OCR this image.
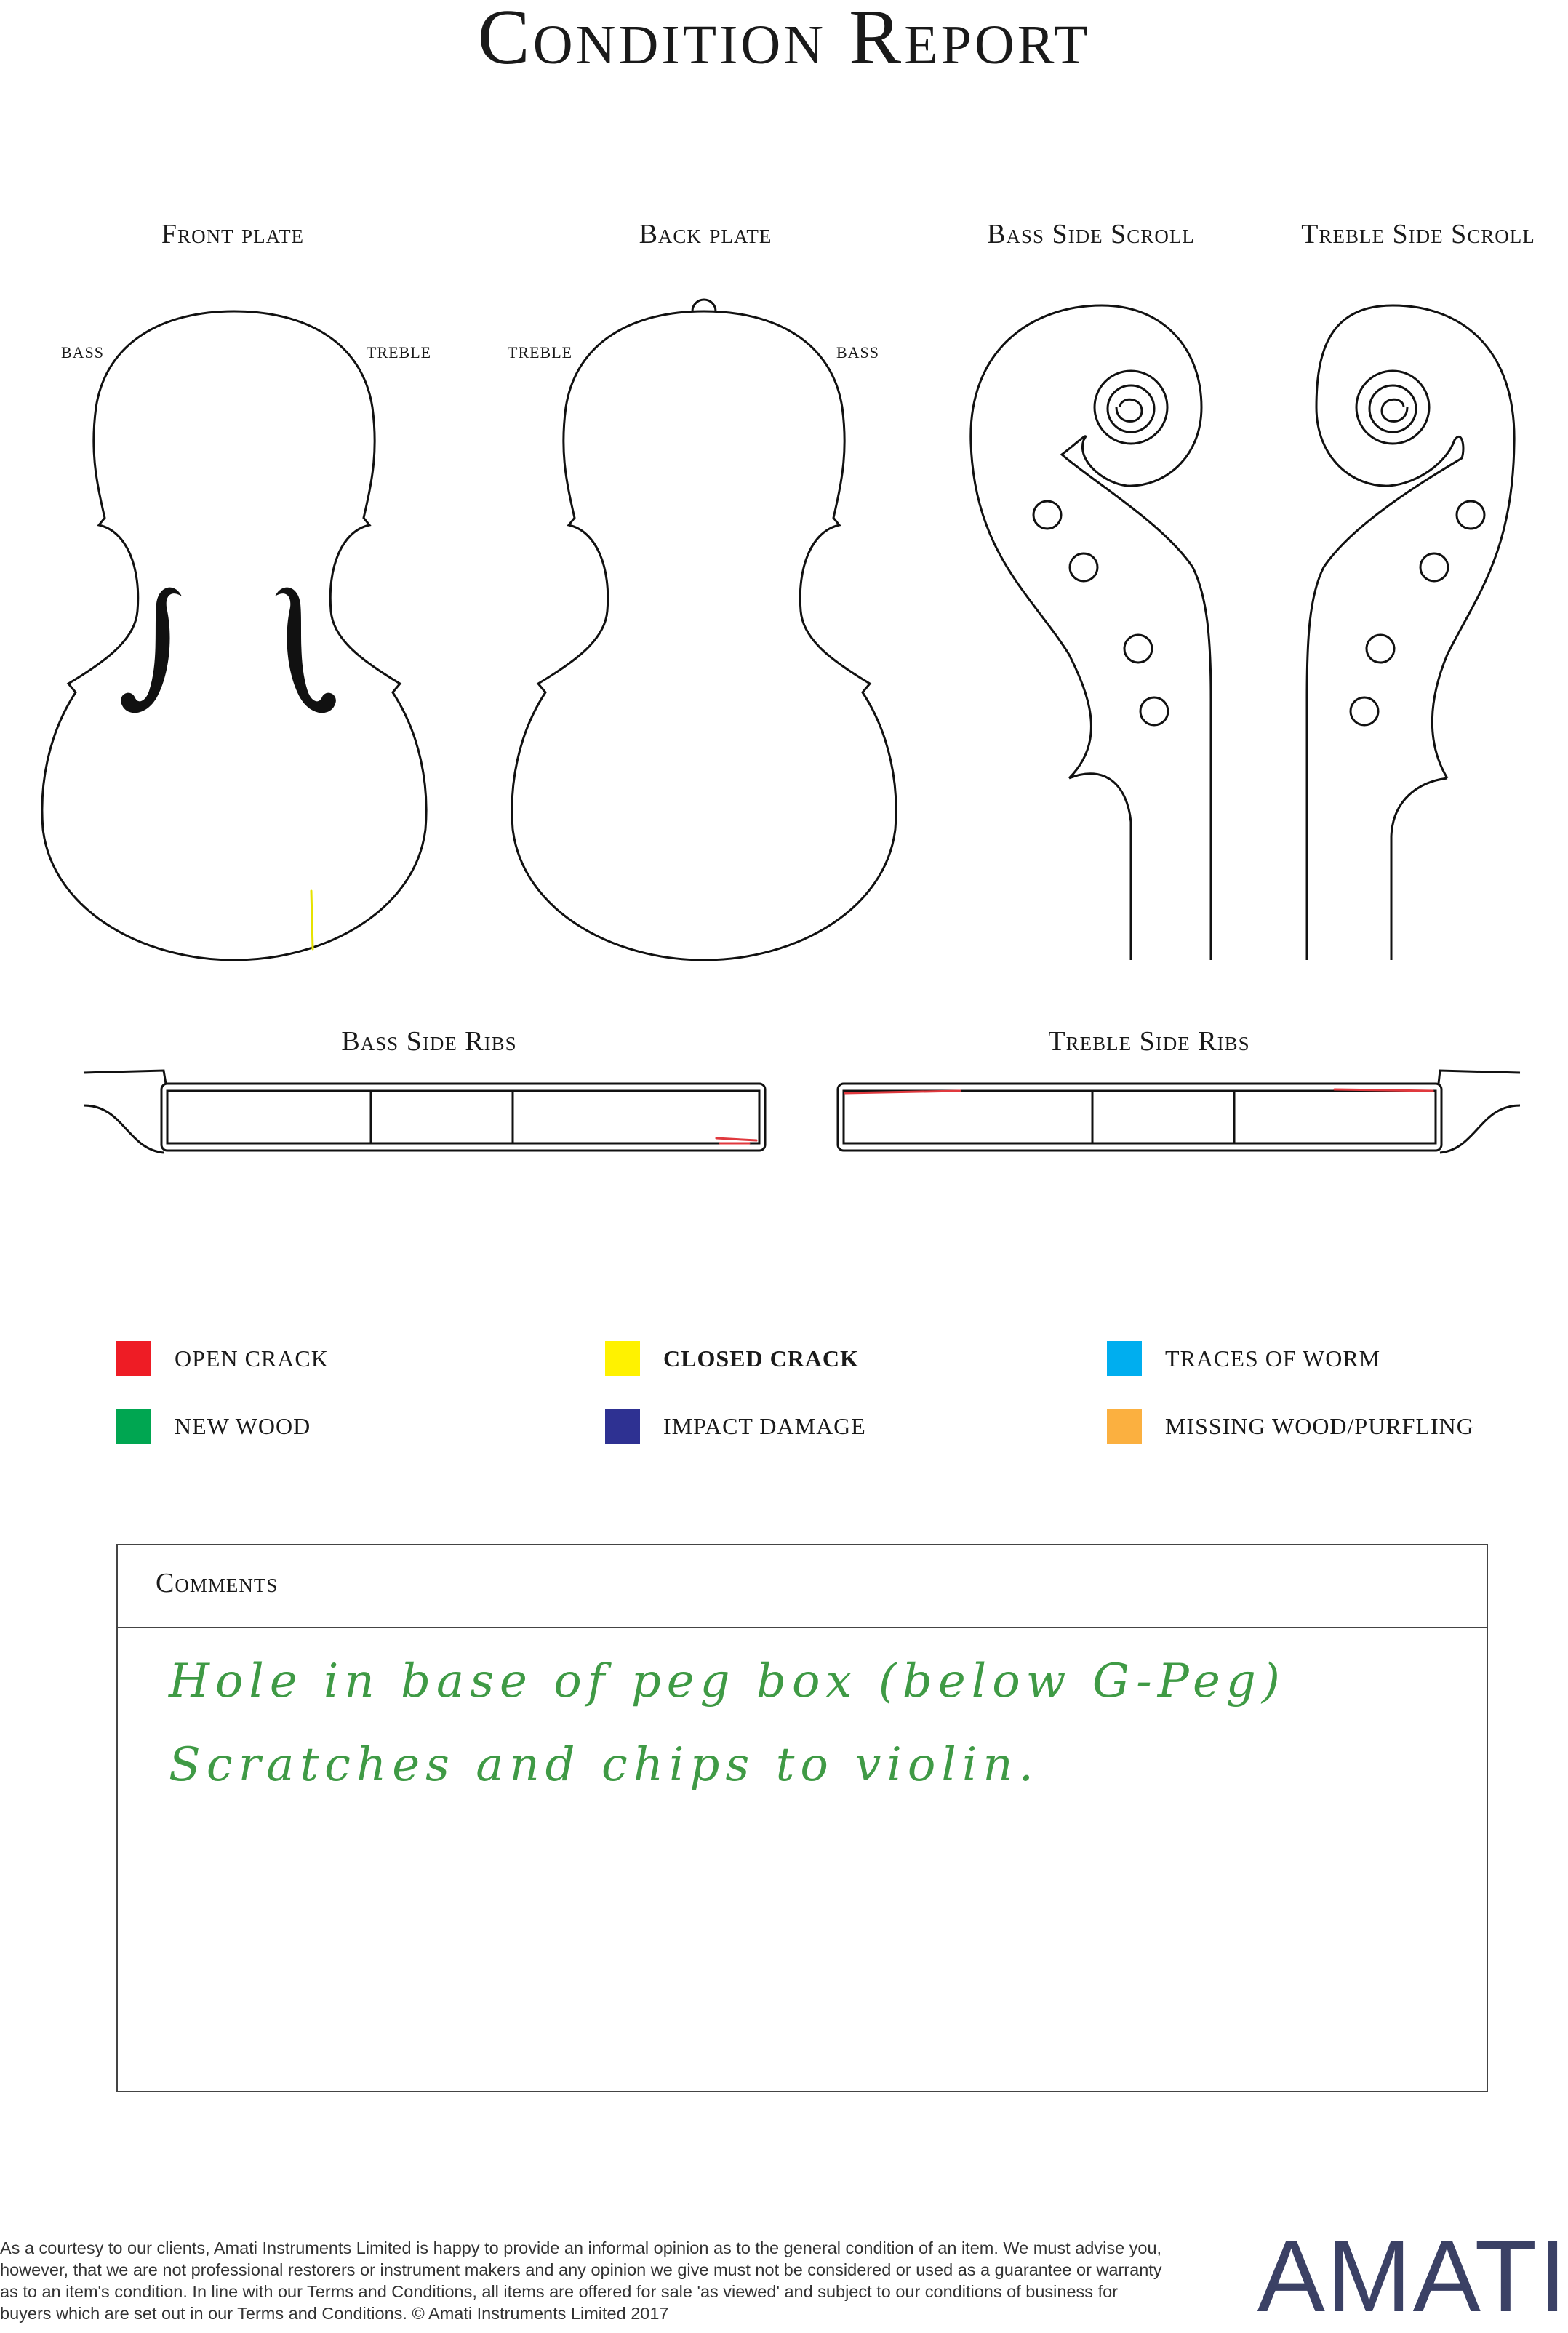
Condition Report
Front plate	Back plate	Bass Side Scroll	Treble Side Scroll
Bass Side Ribs	Treble Side Ribs
BASS	TREBLE	TREBLE	BASS
OPEN CRACK	CLOSED CRACK	TRACES OF WORM
NEW WOOD	IMPACT DAMAGE	MISSING WOOD/PURFLING
Comments
Hole in base of peg box (below G-Peg)
Scratches and chips to violin.
As a courtesy to our clients, Amati Instruments Limited is happy to provide an informal opinion as to the general condition of an item. We must advise you, however, that we are not professional restorers or instrument makers and any opinion we give must not be considered or used as a guarantee or warranty as to an item's condition. In line with our Terms and Conditions, all items are offered for sale 'as viewed' and subject to our conditions of business for buyers which are set out in our Terms and Conditions. © Amati Instruments Limited 2017	AMATI
